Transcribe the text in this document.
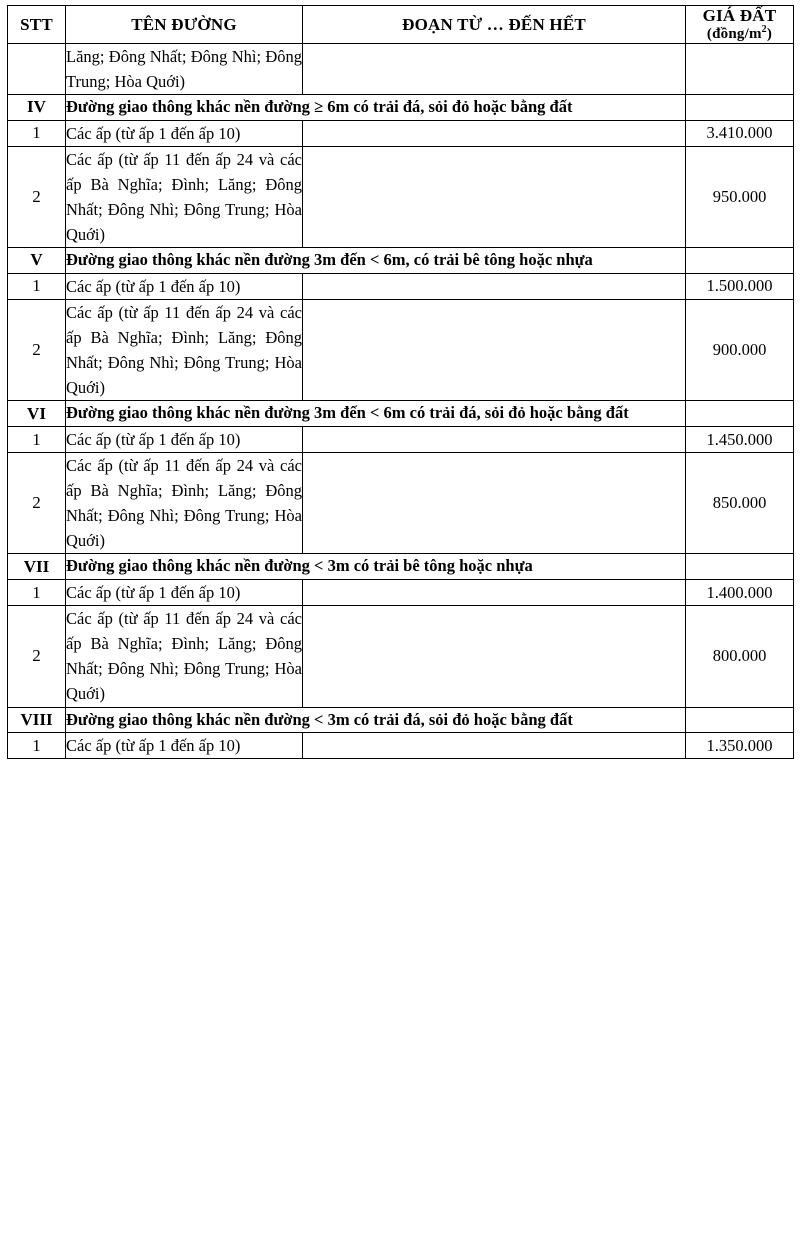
STT	TÊN ĐƯỜNG	ĐOẠN TỪ … ĐẾN HẾT	GIÁ ĐẤT
$(đồng/m^2)$

	Lăng; Đông Nhất; Đông Nhì; Đông Trung; Hòa Quới)		
IV	Đường giao thông khác nền đường ≥ 6m có trải đá, sỏi đỏ hoặc bằng đất		
1	Các ấp (từ ấp 1 đến ấp 10)		3.410.000
2	Các ấp (từ ấp 11 đến ấp 24 và các ấp Bà Nghĩa; Đình; Lăng; Đông Nhất; Đông Nhì; Đông Trung; Hòa Quới)		950.000
V	Đường giao thông khác nền đường 3m đến < 6m, có trải bê tông hoặc nhựa		
1	Các ấp (từ ấp 1 đến ấp 10)		1.500.000
2	Các ấp (từ ấp 11 đến ấp 24 và các ấp Bà Nghĩa; Đình; Lăng; Đông Nhất; Đông Nhì; Đông Trung; Hòa Quới)		900.000
VI	Đường giao thông khác nền đường 3m đến < 6m có trải đá, sỏi đỏ hoặc bằng đất		
1	Các ấp (từ ấp 1 đến ấp 10)		1.450.000
2	Các ấp (từ ấp 11 đến ấp 24 và các ấp Bà Nghĩa; Đình; Lăng; Đông Nhất; Đông Nhì; Đông Trung; Hòa Quới)		850.000
VII	Đường giao thông khác nền đường < 3m có trải bê tông hoặc nhựa		
1	Các ấp (từ ấp 1 đến ấp 10)		1.400.000
2	Các ấp (từ ấp 11 đến ấp 24 và các ấp Bà Nghĩa; Đình; Lăng; Đông Nhất; Đông Nhì; Đông Trung; Hòa Quới)		800.000
VIII	Đường giao thông khác nền đường < 3m có trải đá, sỏi đỏ hoặc bằng đất		
1	Các ấp (từ ấp 1 đến ấp 10)		1.350.000
